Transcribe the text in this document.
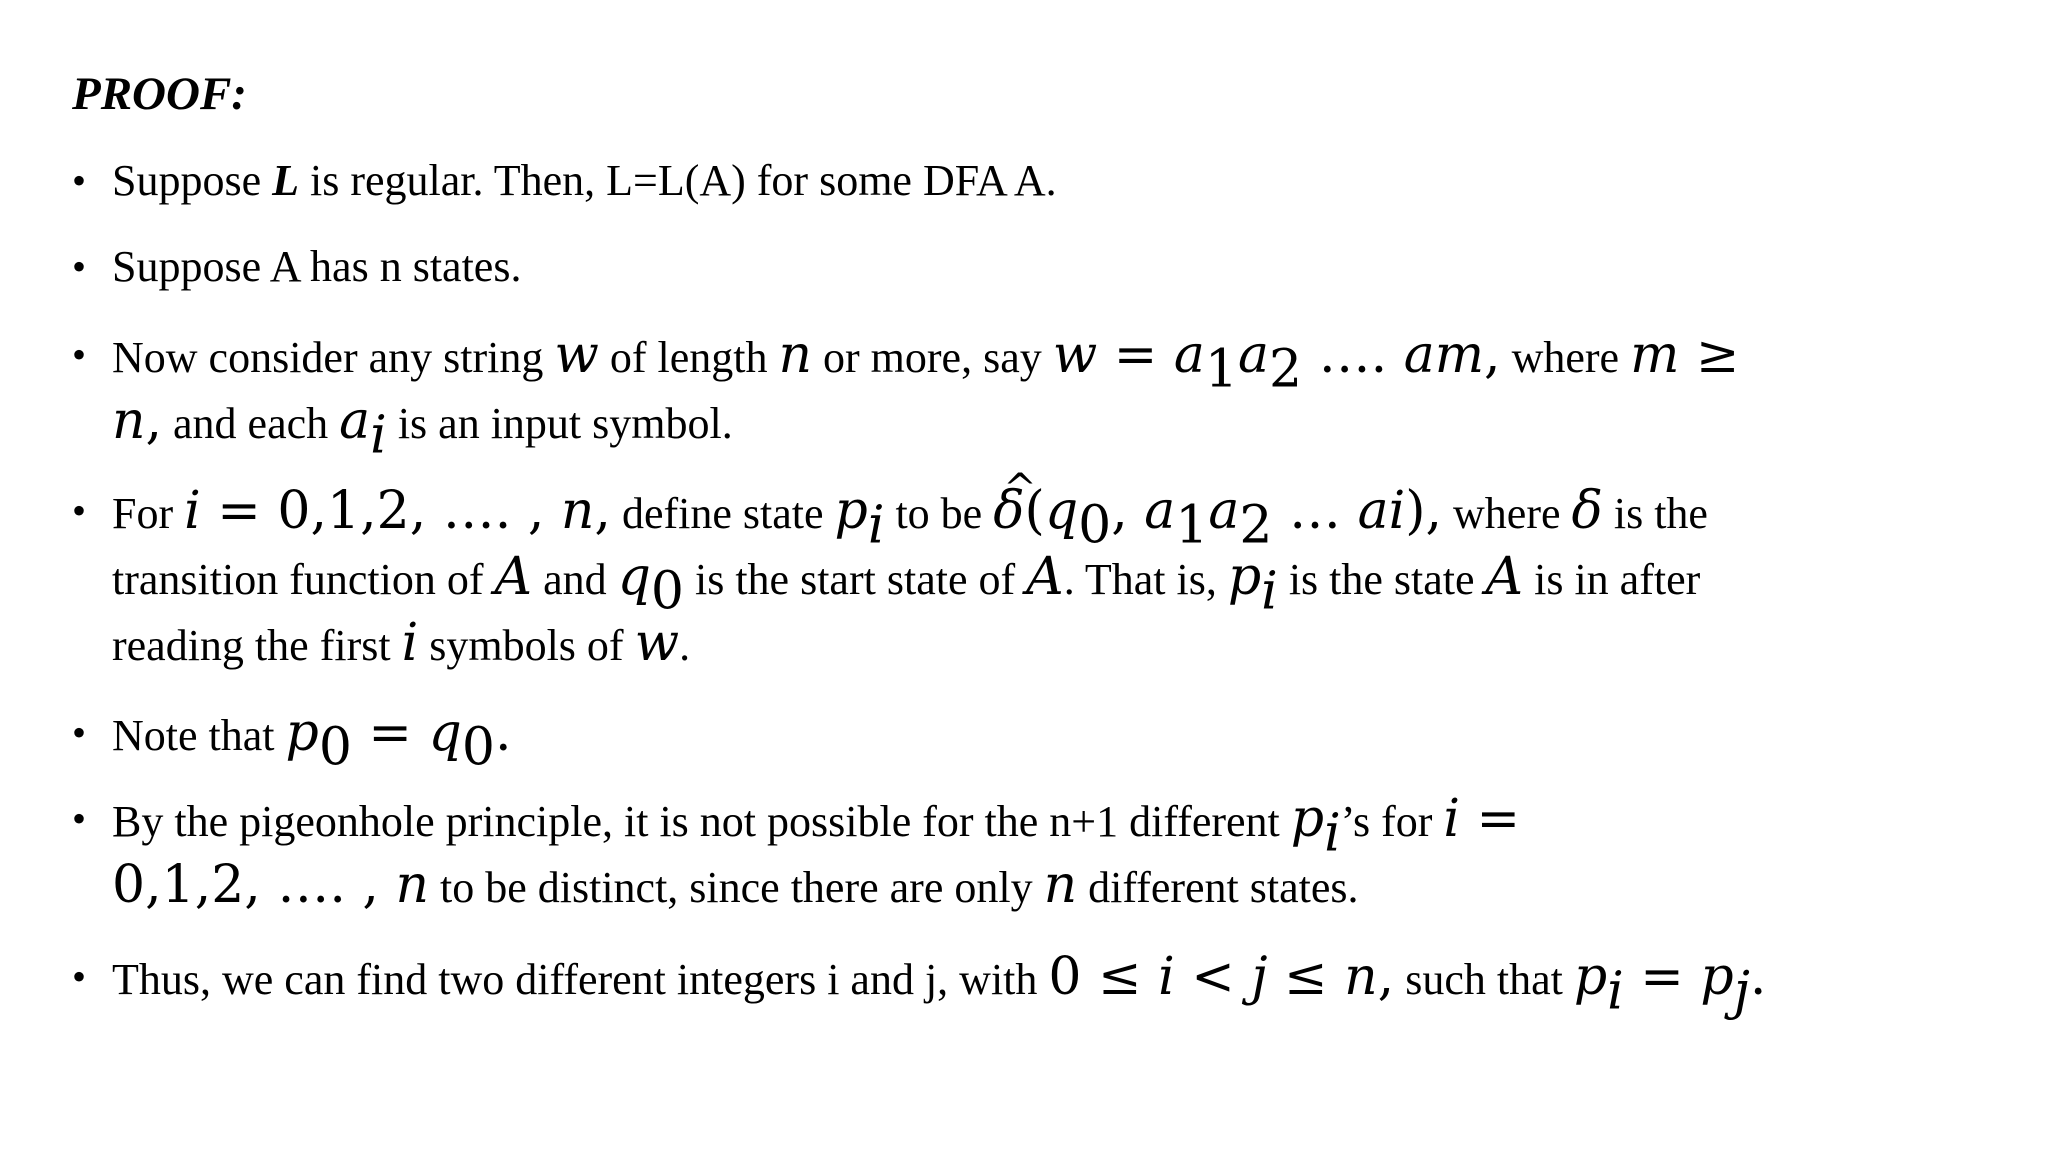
PROOF:
• Suppose L is regular. Then, L=L(A) for some DFA A.
• Suppose A has n states.
• Now consider any string w of length n or more, say $w = a_1a_2$ …. am, where m ≥
n, and each $a_i$ is an input symbol.
• For i = 0,1,2, …. , n, define state $p_i$ to be ^ $\delta(q_0$, $a_1a_2$ … ai), where δ is the
transition function of A and $q_0$ is the start state of A. That is, $p_i$ is the state A is in after
reading the first i symbols of w.
• Note that $p_0 = q_0$.
• By the pigeonhole principle, it is not possible for the n+1 different $p_i’s$ for i =
0,1,2, …. , n to be distinct, since there are only n different states.
• Thus, we can find two different integers i and j, with 0 ≤ i < j ≤ n, such that $p_i = p_j$.
